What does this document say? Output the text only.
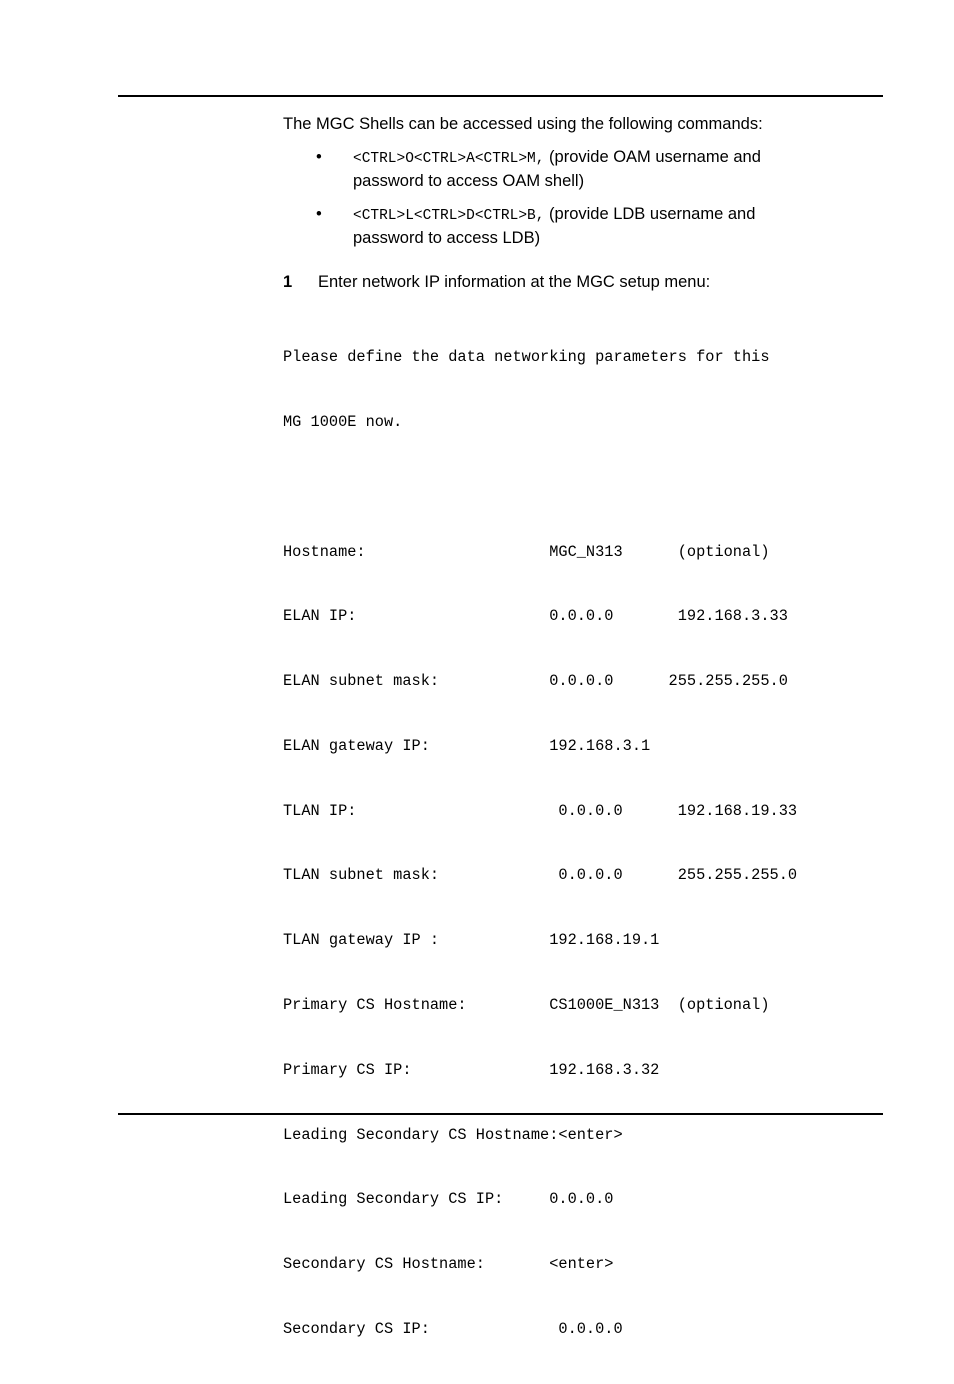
The MGC Shells can be accessed using the following commands:

• <CTRL>O<CTRL>A<CTRL>M, (provide OAM username and
password to access OAM shell)
• <CTRL>L<CTRL>D<CTRL>B, (provide LDB username and
password to access LDB)
1 Enter network IP information at the MGC setup menu:

Please define the data networking parameters for this

MG 1000E now.

Hostname:                    MGC_N313      (optional)

ELAN IP:                     0.0.0.0       192.168.3.33

ELAN subnet mask:            0.0.0.0      255.255.255.0

ELAN gateway IP:             192.168.3.1

TLAN IP:                      0.0.0.0      192.168.19.33

TLAN subnet mask:             0.0.0.0      255.255.255.0

TLAN gateway IP :            192.168.19.1

Primary CS Hostname:         CS1000E_N313  (optional)

Primary CS IP:               192.168.3.32

Leading Secondary CS Hostname:<enter>

Leading Secondary CS IP:     0.0.0.0

Secondary CS Hostname:       <enter>

Secondary CS IP:              0.0.0.0
